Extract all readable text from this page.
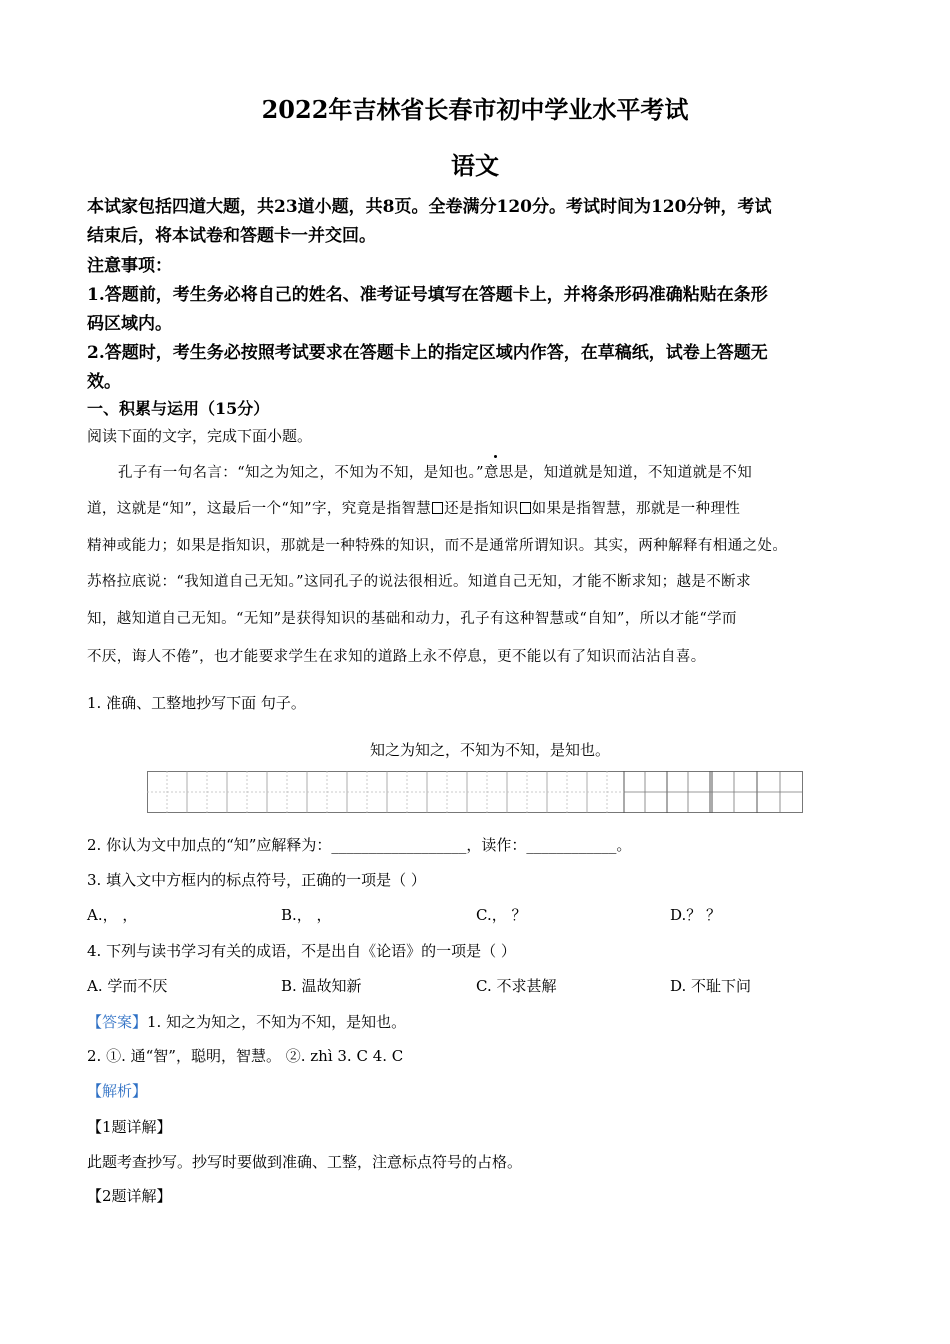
2022年吉林省长春市初中学业水平考试
语文
本试家包括四道大题，共23道小题，共8页。全卷满分120分。考试时间为120分钟，考试
结束后，将本试卷和答题卡一并交回。
注意事项：
1.答题前，考生务必将自己的姓名、准考证号填写在答题卡上，并将条形码准确粘贴在条形
码区域内。
2.答题时，考生务必按照考试要求在答题卡上的指定区域内作答，在草稿纸，试卷上答题无
效。
一、积累与运用（15分）
阅读下面的文字，完成下面小题。
孔子有一句名言：“知之为知之，不知为不知，是知也。”意思是，知道就是知道，不知道就是不知
道，这就是“知”，这最后一个“知”字，究竟是指智慧 还是指知识 如果是指智慧，那就是一种理性
精神或能力；如果是指知识，那就是一种特殊的知识，而不是通常所谓知识。其实，两种解释有相通之处。
苏格拉底说：“我知道自己无知。”这同孔子的说法很相近。知道自己无知，才能不断求知；越是不断求
知，越知道自己无知。“无知”是获得知识的基础和动力，孔子有这种智慧或“自知”，所以才能“学而
不厌，诲人不倦”，也才能要求学生在求知的道路上永不停息，更不能以有了知识而沾沾自喜。
1. 准确、工整地抄写下面 句子。
知之为知之，不知为不知，是知也。
2. 你认为文中加点的“知”应解释为：__________________，读作：____________。
3. 填入文中方框内的标点符号，正确的一项是（ ）
A.， ，	B.， ，	C.， ？	D.？ ？
4. 下列与读书学习有关的成语，不是出自《论语》的一项是（ ）
A. 学而不厌	B. 温故知新	C. 不求甚解	D. 不耻下问
【答案】1. 知之为知之，不知为不知，是知也。
2. ①. 通“智”，聪明，智慧。 ②. zhì 3. C 4. C
【解析】
【1题详解】
此题考查抄写。抄写时要做到准确、工整，注意标点符号的占格。
【2题详解】
